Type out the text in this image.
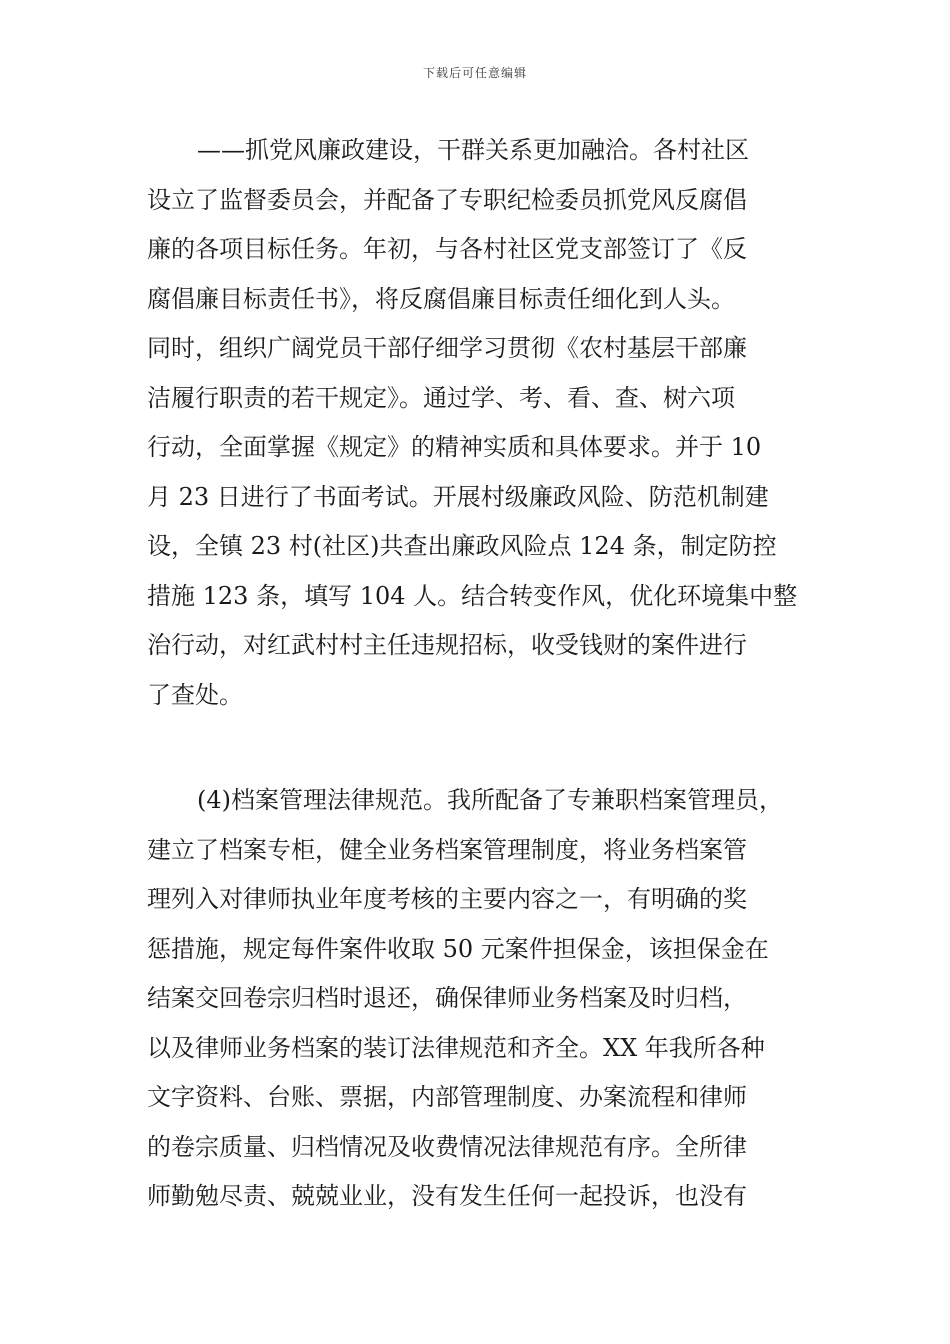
下载后可任意编辑
——抓党风廉政建设，干群关系更加融洽。各村社区
设立了监督委员会，并配备了专职纪检委员抓党风反腐倡
廉的各项目标任务。年初，与各村社区党支部签订了《反
腐倡廉目标责任书》，将反腐倡廉目标责任细化到人头。
同时，组织广阔党员干部仔细学习贯彻《农村基层干部廉
洁履行职责的若干规定》。通过学、考、看、查、树六项
行动，全面掌握《规定》的精神实质和具体要求。并于 10
月 23 日进行了书面考试。开展村级廉政风险、防范机制建
设，全镇 23 村(社区)共查出廉政风险点 124 条，制定防控
措施 123 条，填写 104 人。结合转变作风，优化环境集中整
治行动，对红武村村主任违规招标，收受钱财的案件进行
了查处。
(4)档案管理法律规范。我所配备了专兼职档案管理员，
建立了档案专柜，健全业务档案管理制度，将业务档案管
理列入对律师执业年度考核的主要内容之一，有明确的奖
惩措施，规定每件案件收取 50 元案件担保金，该担保金在
结案交回卷宗归档时退还，确保律师业务档案及时归档，
以及律师业务档案的装订法律规范和齐全。XX 年我所各种
文字资料、台账、票据，内部管理制度、办案流程和律师
的卷宗质量、归档情况及收费情况法律规范有序。全所律
师勤勉尽责、兢兢业业，没有发生任何一起投诉，也没有
